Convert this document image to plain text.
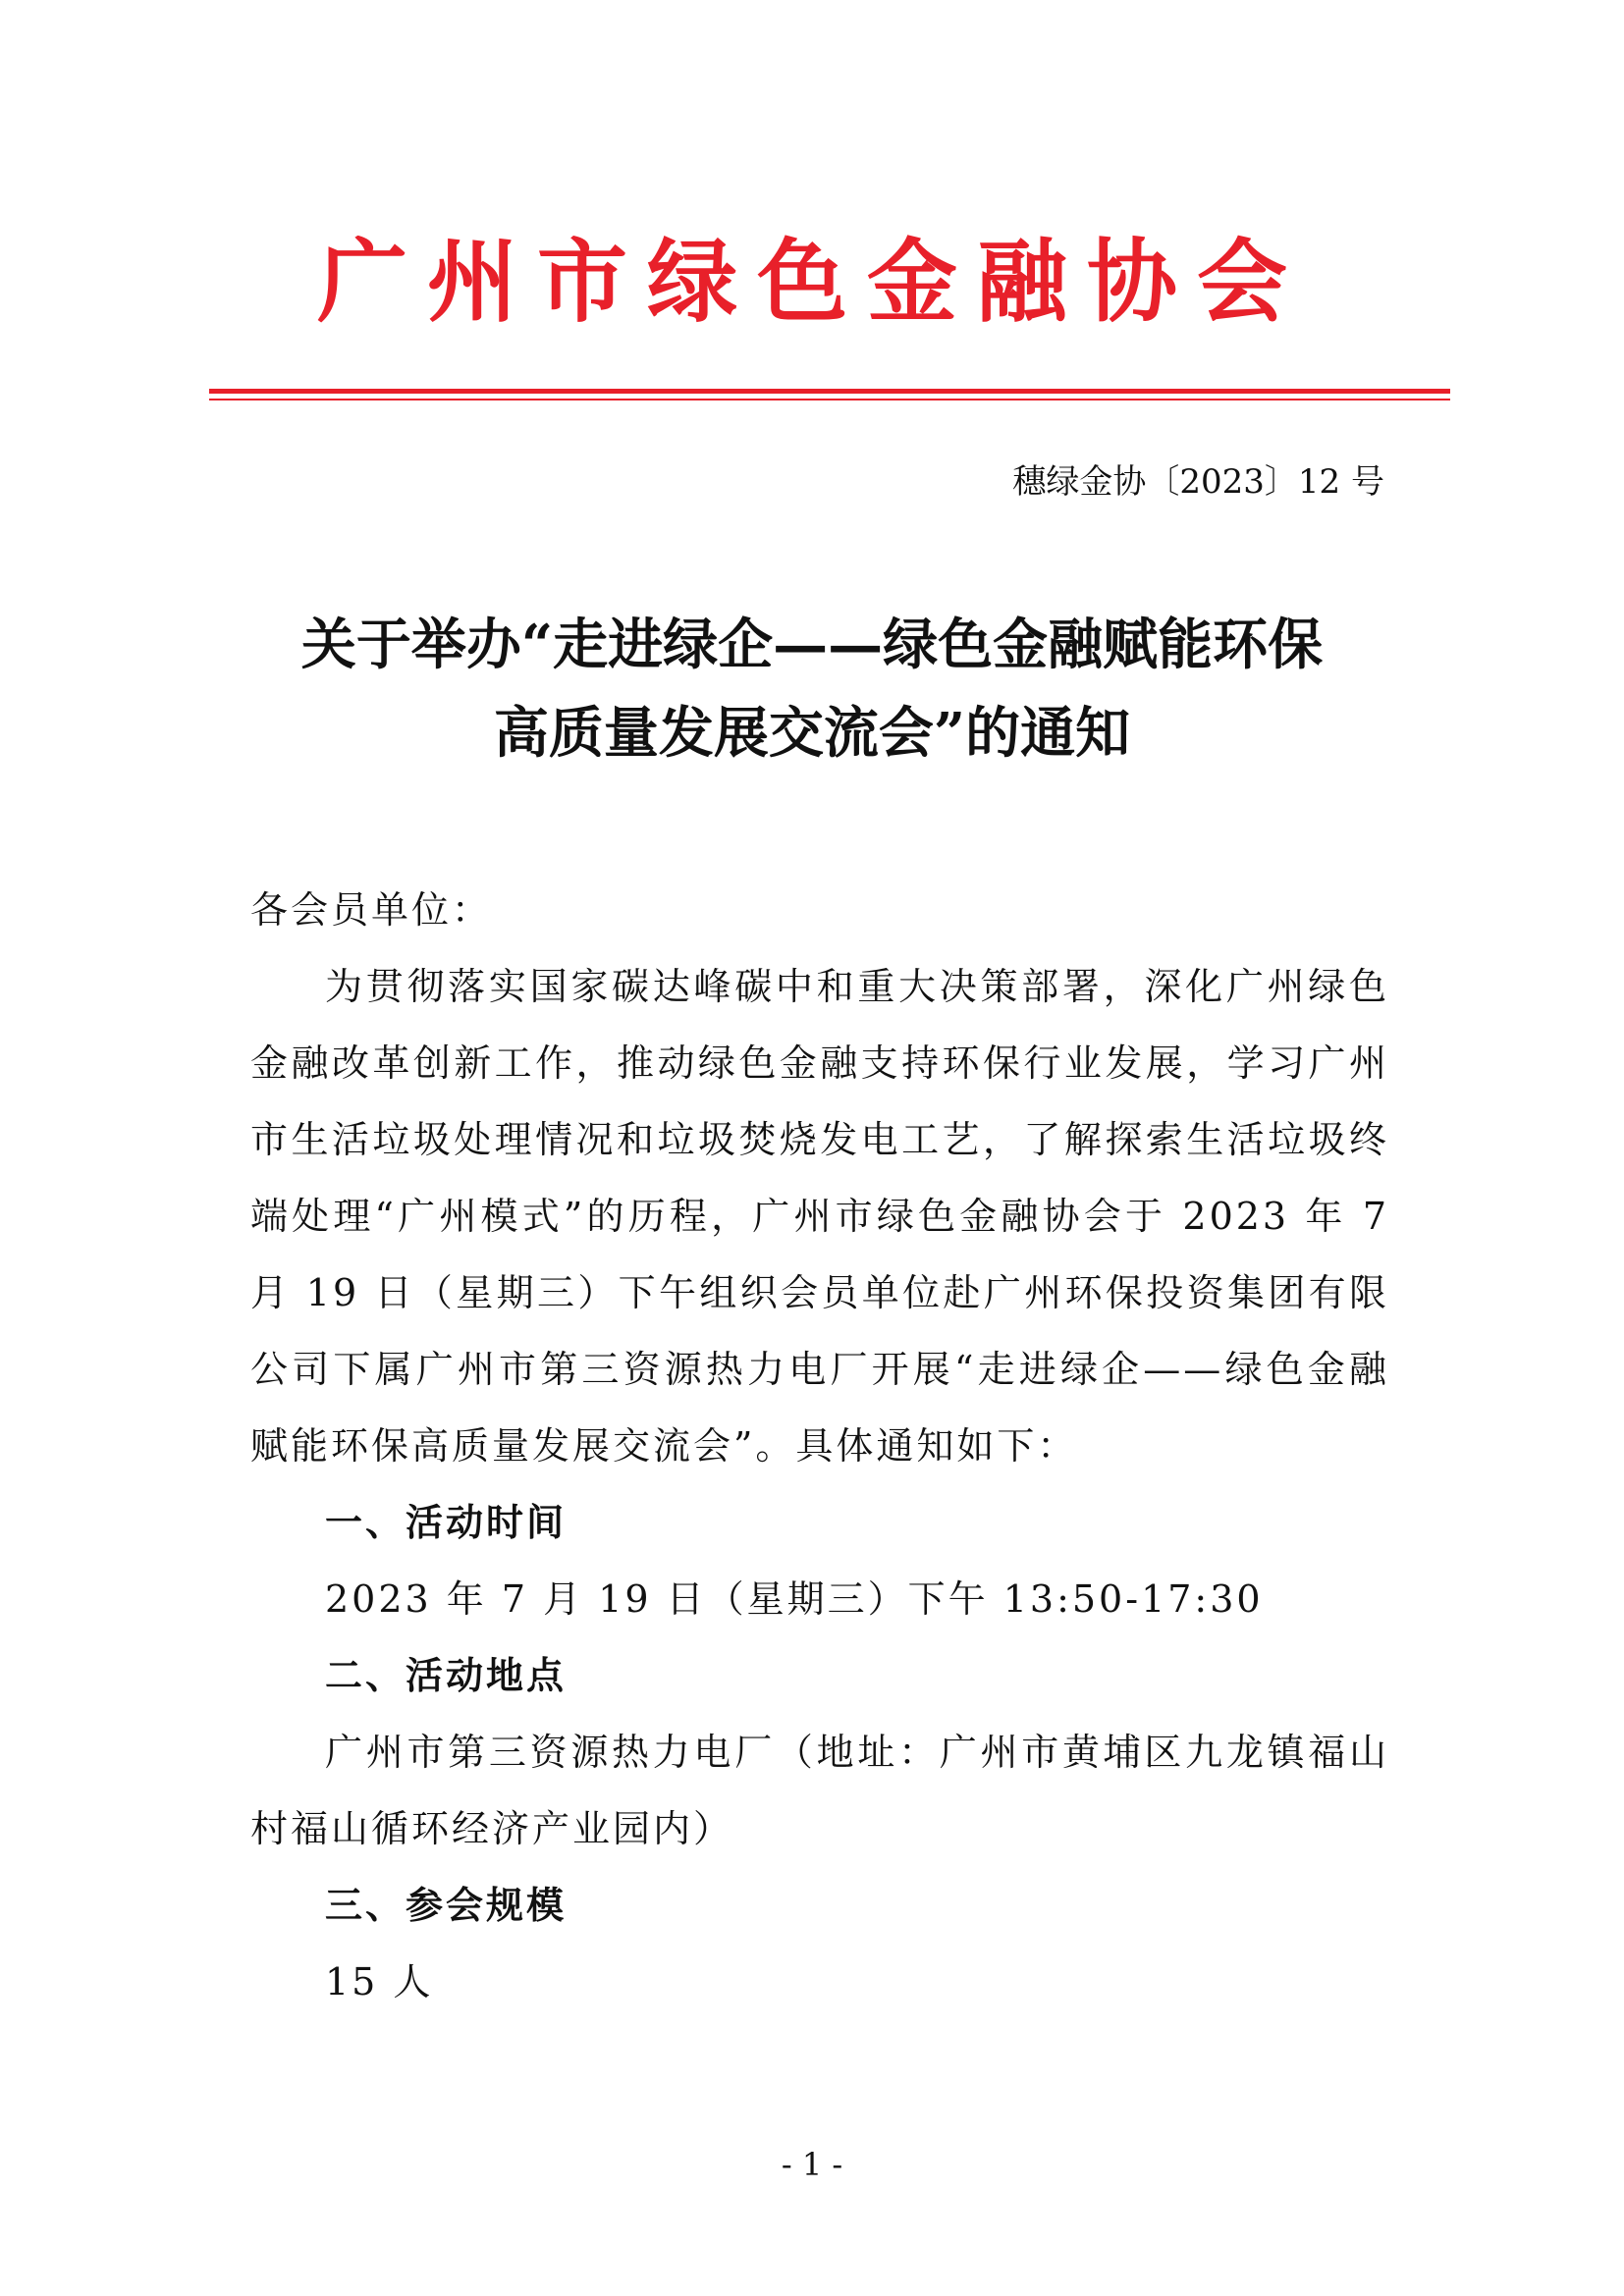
广州市绿色金融协会
穗绿金协〔2023〕12 号
关于举办“走进绿企——绿色金融赋能环保
高质量发展交流会”的通知

各会员单位：

为贯彻落实国家碳达峰碳中和重大决策部署，深化广州绿色金融改革创新工作，推动绿色金融支持环保行业发展，学习广州市生活垃圾处理情况和垃圾焚烧发电工艺，了解探索生活垃圾终端处理“广州模式”的历程，广州市绿色金融协会于 2023 年 7 月 19 日（星期三）下午组织会员单位赴广州环保投资集团有限公司下属广州市第三资源热力电厂开展“走进绿企——绿色金融赋能环保高质量发展交流会”。具体通知如下：

一、活动时间

2023 年 7 月 19 日（星期三）下午 13:50-17:30

二、活动地点

广州市第三资源热力电厂（地址：广州市黄埔区九龙镇福山村福山循环经济产业园内）

三、参会规模

15 人

- 1 -
